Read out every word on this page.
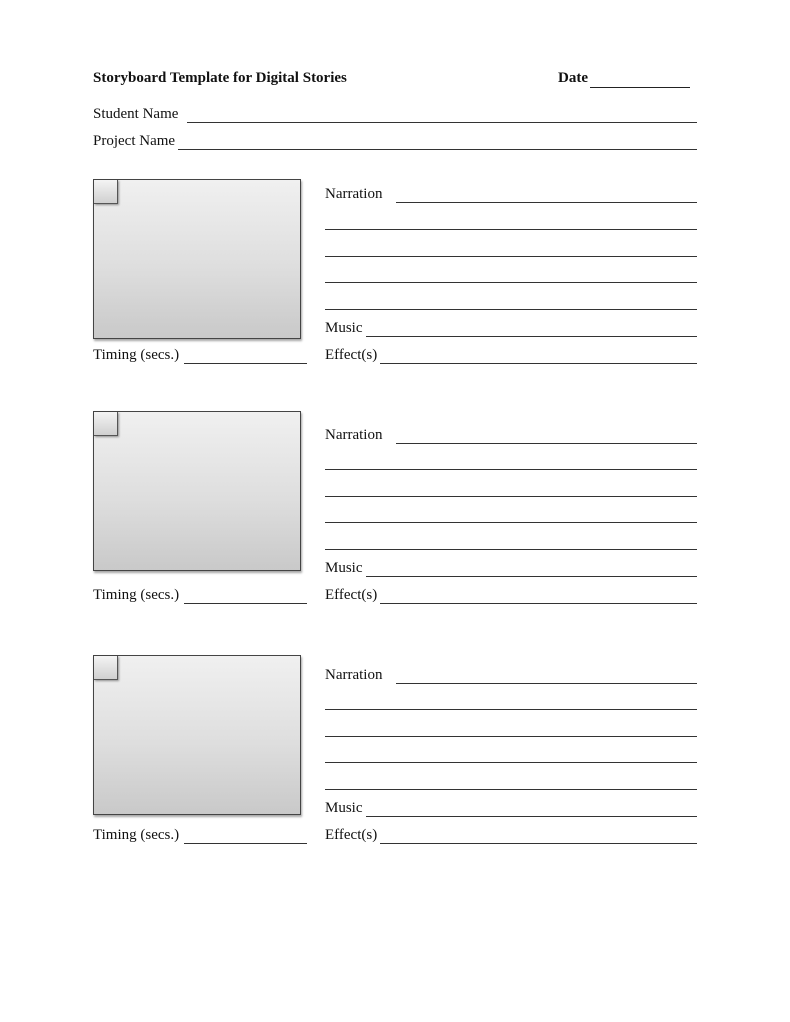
Storyboard Template for Digital Stories	Date
Student Name
Project Name
Narration
Music
Timing (secs.)	Effect(s)
Narration
Music
Timing (secs.)	Effect(s)
Narration
Music
Timing (secs.)	Effect(s)
